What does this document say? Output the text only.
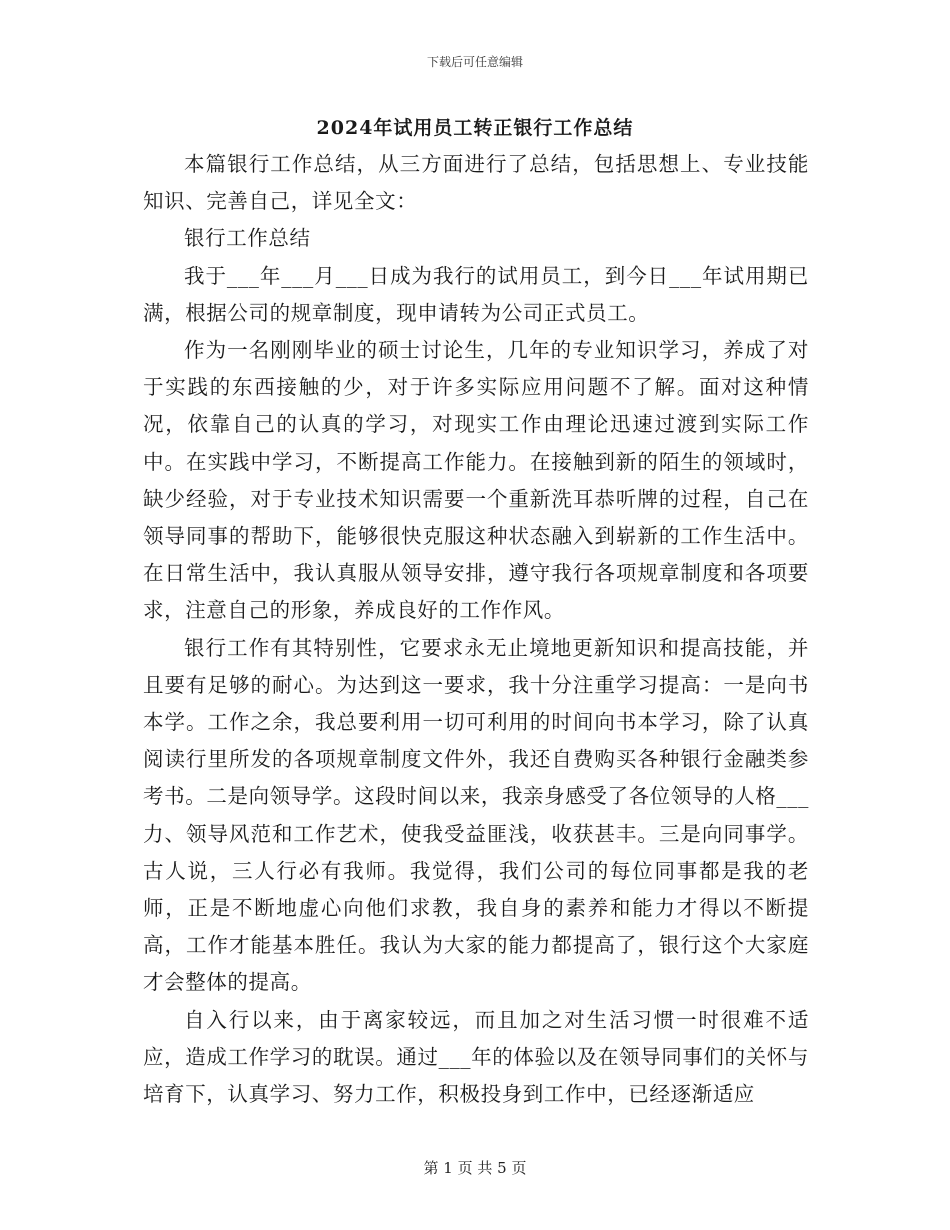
下载后可任意编辑
2024年试用员工转正银行工作总结

本篇银行工作总结，从三方面进行了总结，包括思想上、专业技能知识、完善自己，详见全文：

银行工作总结

我于___年___月___日成为我行的试用员工，到今日___年试用期已满，根据公司的规章制度，现申请转为公司正式员工。

作为一名刚刚毕业的硕士讨论生，几年的专业知识学习，养成了对于实践的东西接触的少，对于许多实际应用问题不了解。面对这种情况，依靠自己的认真的学习，对现实工作由理论迅速过渡到实际工作中。在实践中学习，不断提高工作能力。在接触到新的陌生的领域时，缺少经验，对于专业技术知识需要一个重新洗耳恭听牌的过程，自己在领导同事的帮助下，能够很快克服这种状态融入到崭新的工作生活中。在日常生活中，我认真服从领导安排，遵守我行各项规章制度和各项要求，注意自己的形象，养成良好的工作作风。

银行工作有其特别性，它要求永无止境地更新知识和提高技能，并且要有足够的耐心。为达到这一要求，我十分注重学习提高：一是向书本学。工作之余，我总要利用一切可利用的时间向书本学习，除了认真阅读行里所发的各项规章制度文件外，我还自费购买各种银行金融类参考书。二是向领导学。这段时间以来，我亲身感受了各位领导的人格___力、领导风范和工作艺术，使我受益匪浅，收获甚丰。三是向同事学。古人说，三人行必有我师。我觉得，我们公司的每位同事都是我的老师，正是不断地虚心向他们求教，我自身的素养和能力才得以不断提高，工作才能基本胜任。我认为大家的能力都提高了，银行这个大家庭才会整体的提高。

自入行以来，由于离家较远，而且加之对生活习惯一时很难不适应，造成工作学习的耽误。通过___年的体验以及在领导同事们的关怀与培育下，认真学习、努力工作，积极投身到工作中，已经逐渐适应

第 1 页 共 5 页
